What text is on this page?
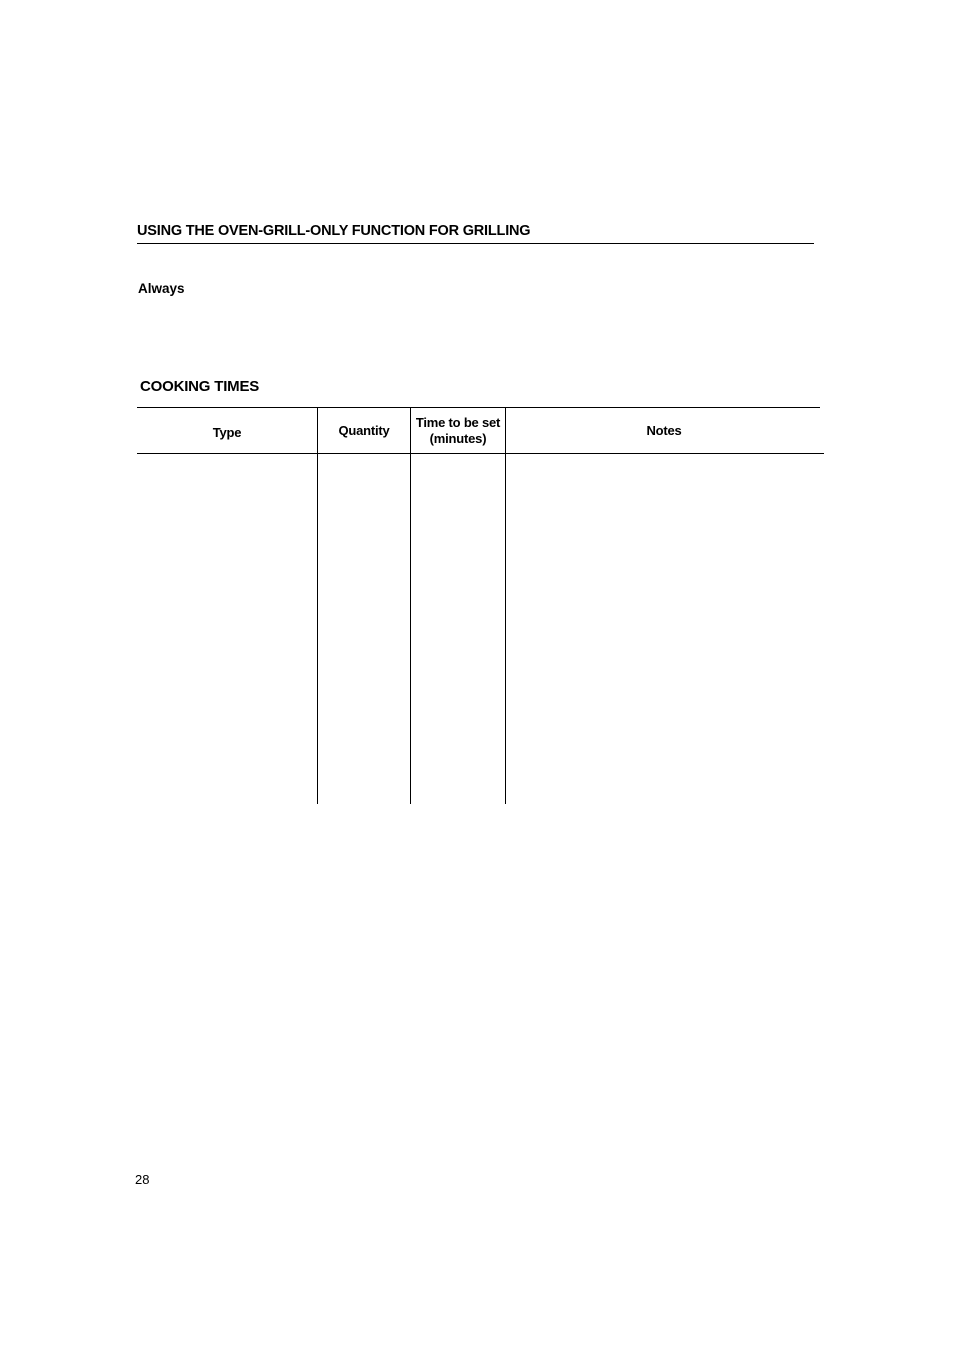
USING THE OVEN-GRILL-ONLY FUNCTION FOR GRILLING
Always
COOKING TIMES
Type	Quantity
Time to be set
(minutes)
Notes
28
